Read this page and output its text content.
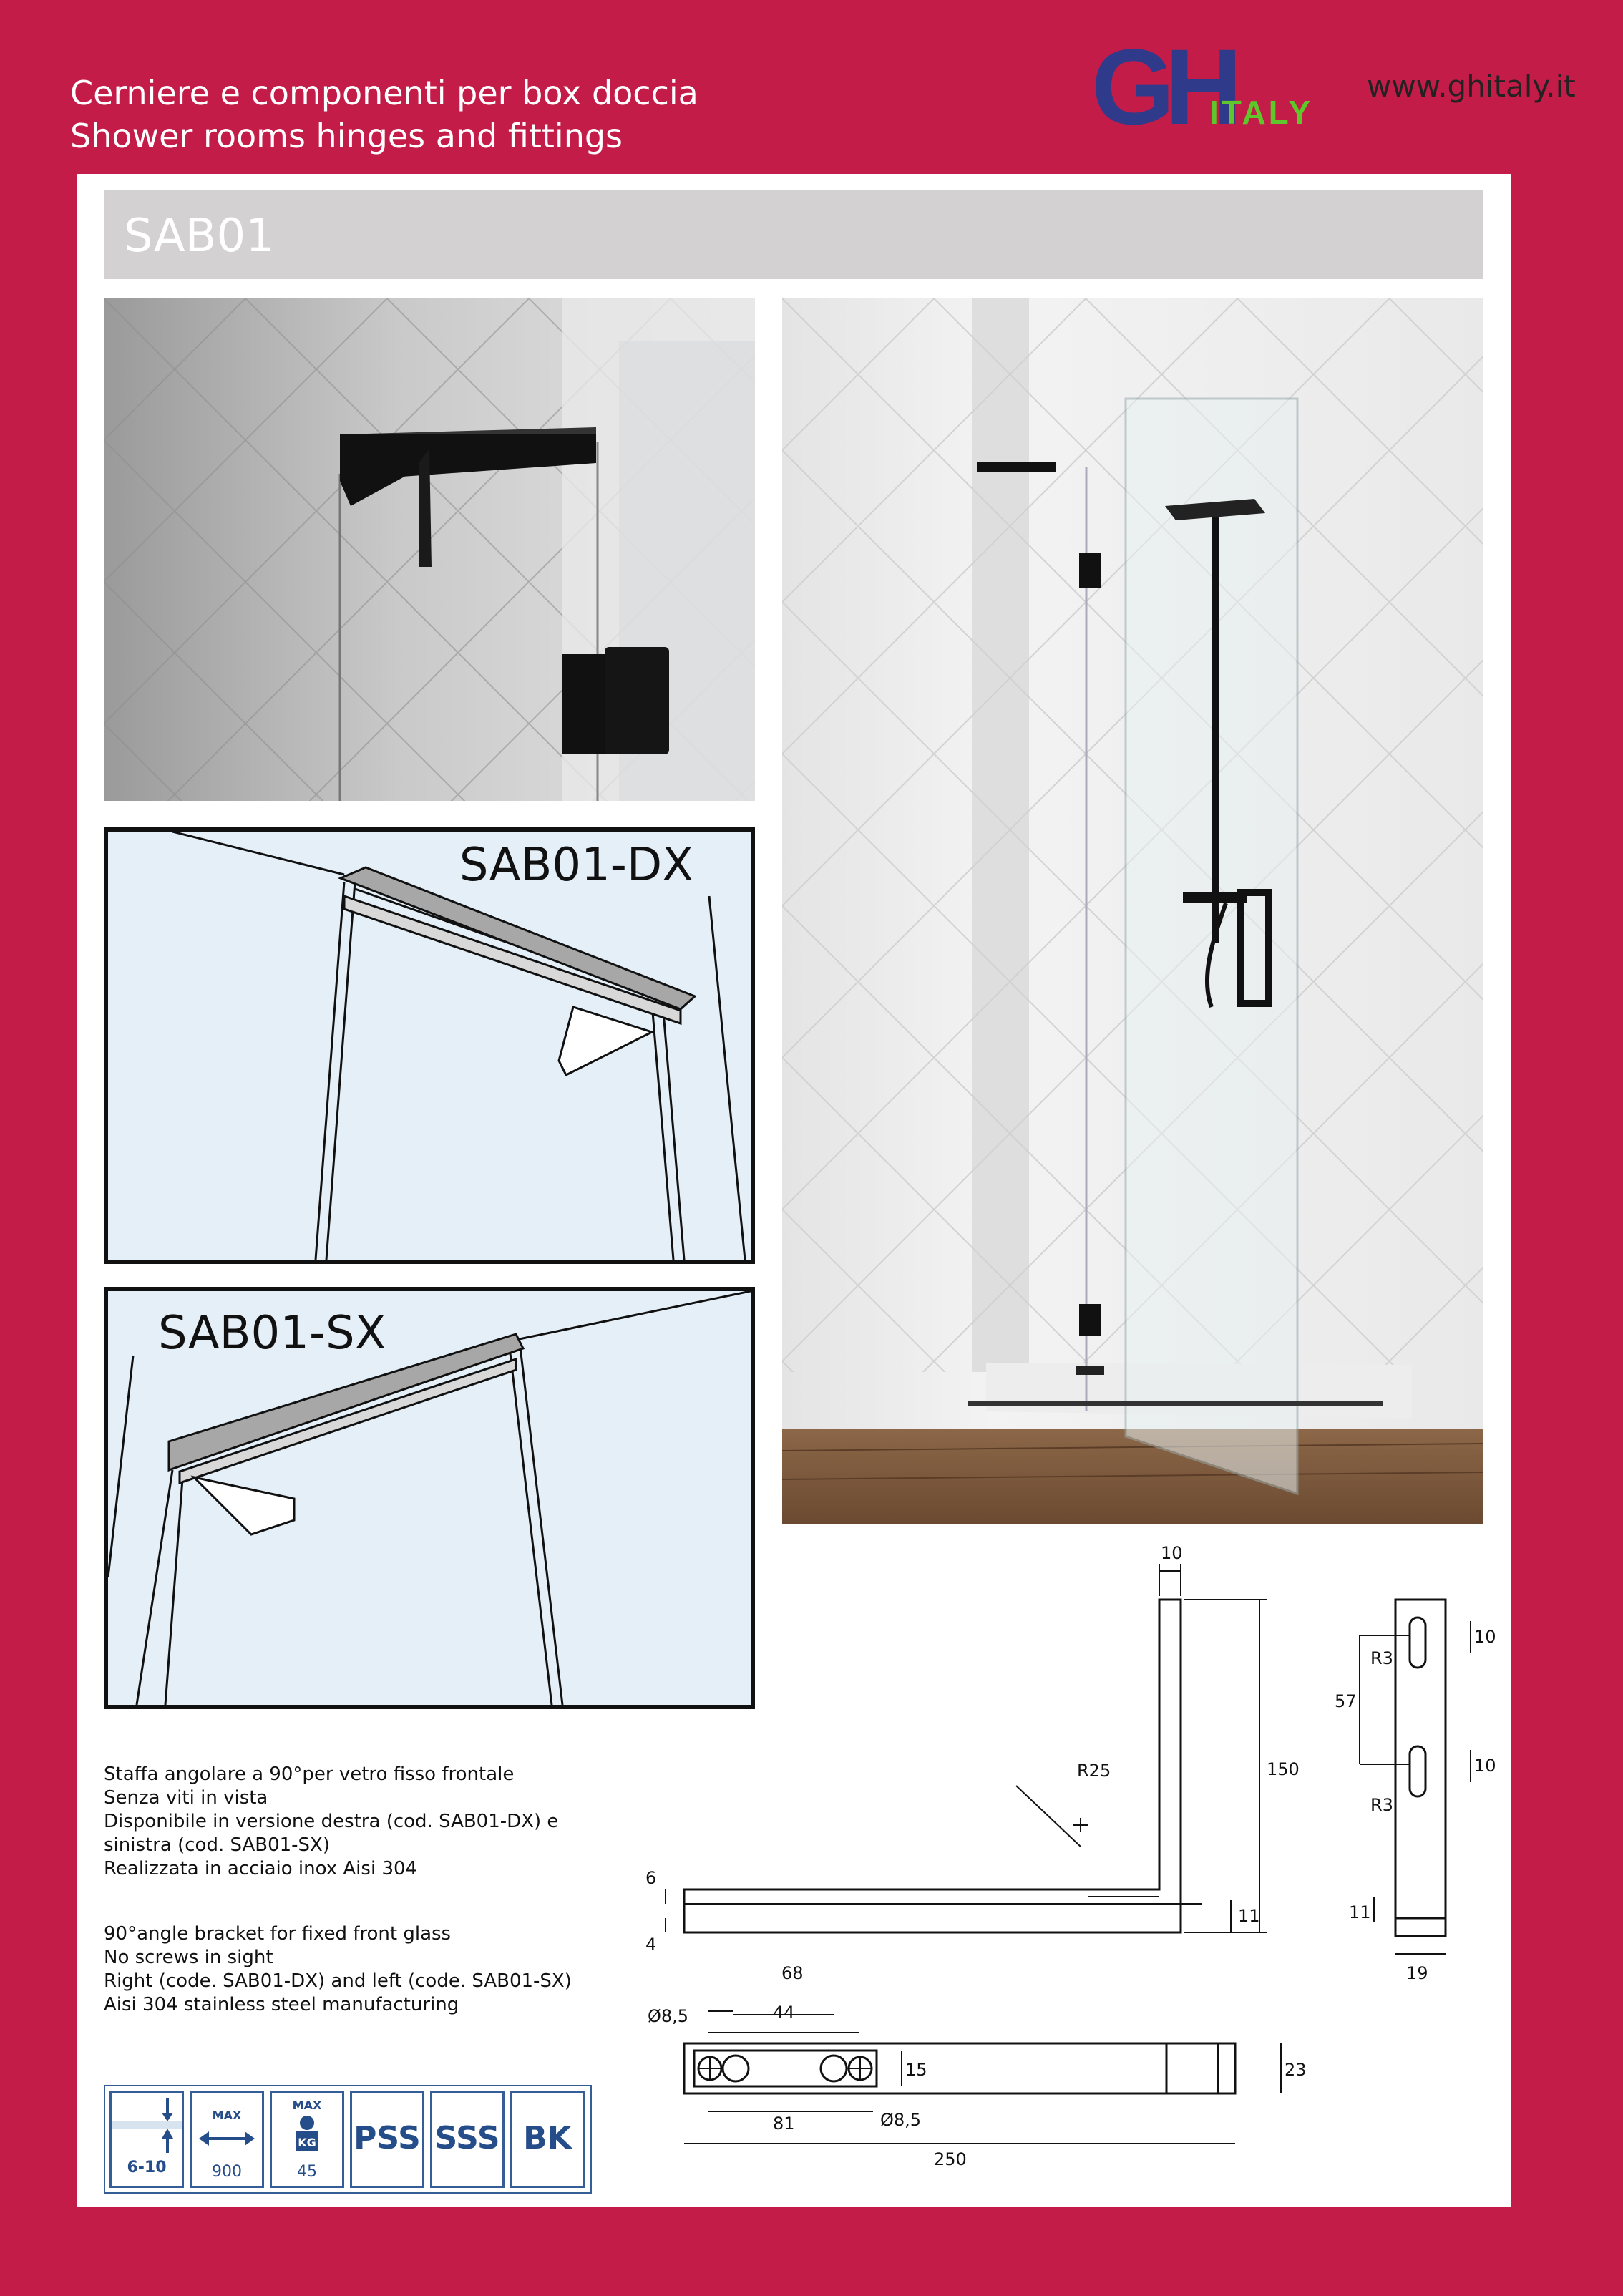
Cerniere e componenti per box doccia
Shower rooms hinges and fittings	GH
ITALY
www.ghitaly.it
SAB01
SAB01-DX
SAB01-SX
Staffa angolare a 90°per vetro fisso frontale
Senza viti in vista
Disponibile in versione destra (cod. SAB01-DX) e
sinistra (cod. SAB01-SX)
Realizzata in acciaio inox Aisi 304
90°angle bracket for fixed front glass
No screws in sight
Right (code. SAB01-DX) and left (code. SAB01-SX)
Aisi 304 stainless steel manufacturing
6-10
MAX
900
MAX
KG
45
PSS SSS BK
10
150
R25
6
4
11
R3
R3
10
10
57
11
19
68
44
Ø8,5
Ø8,5
15	23
81
250
